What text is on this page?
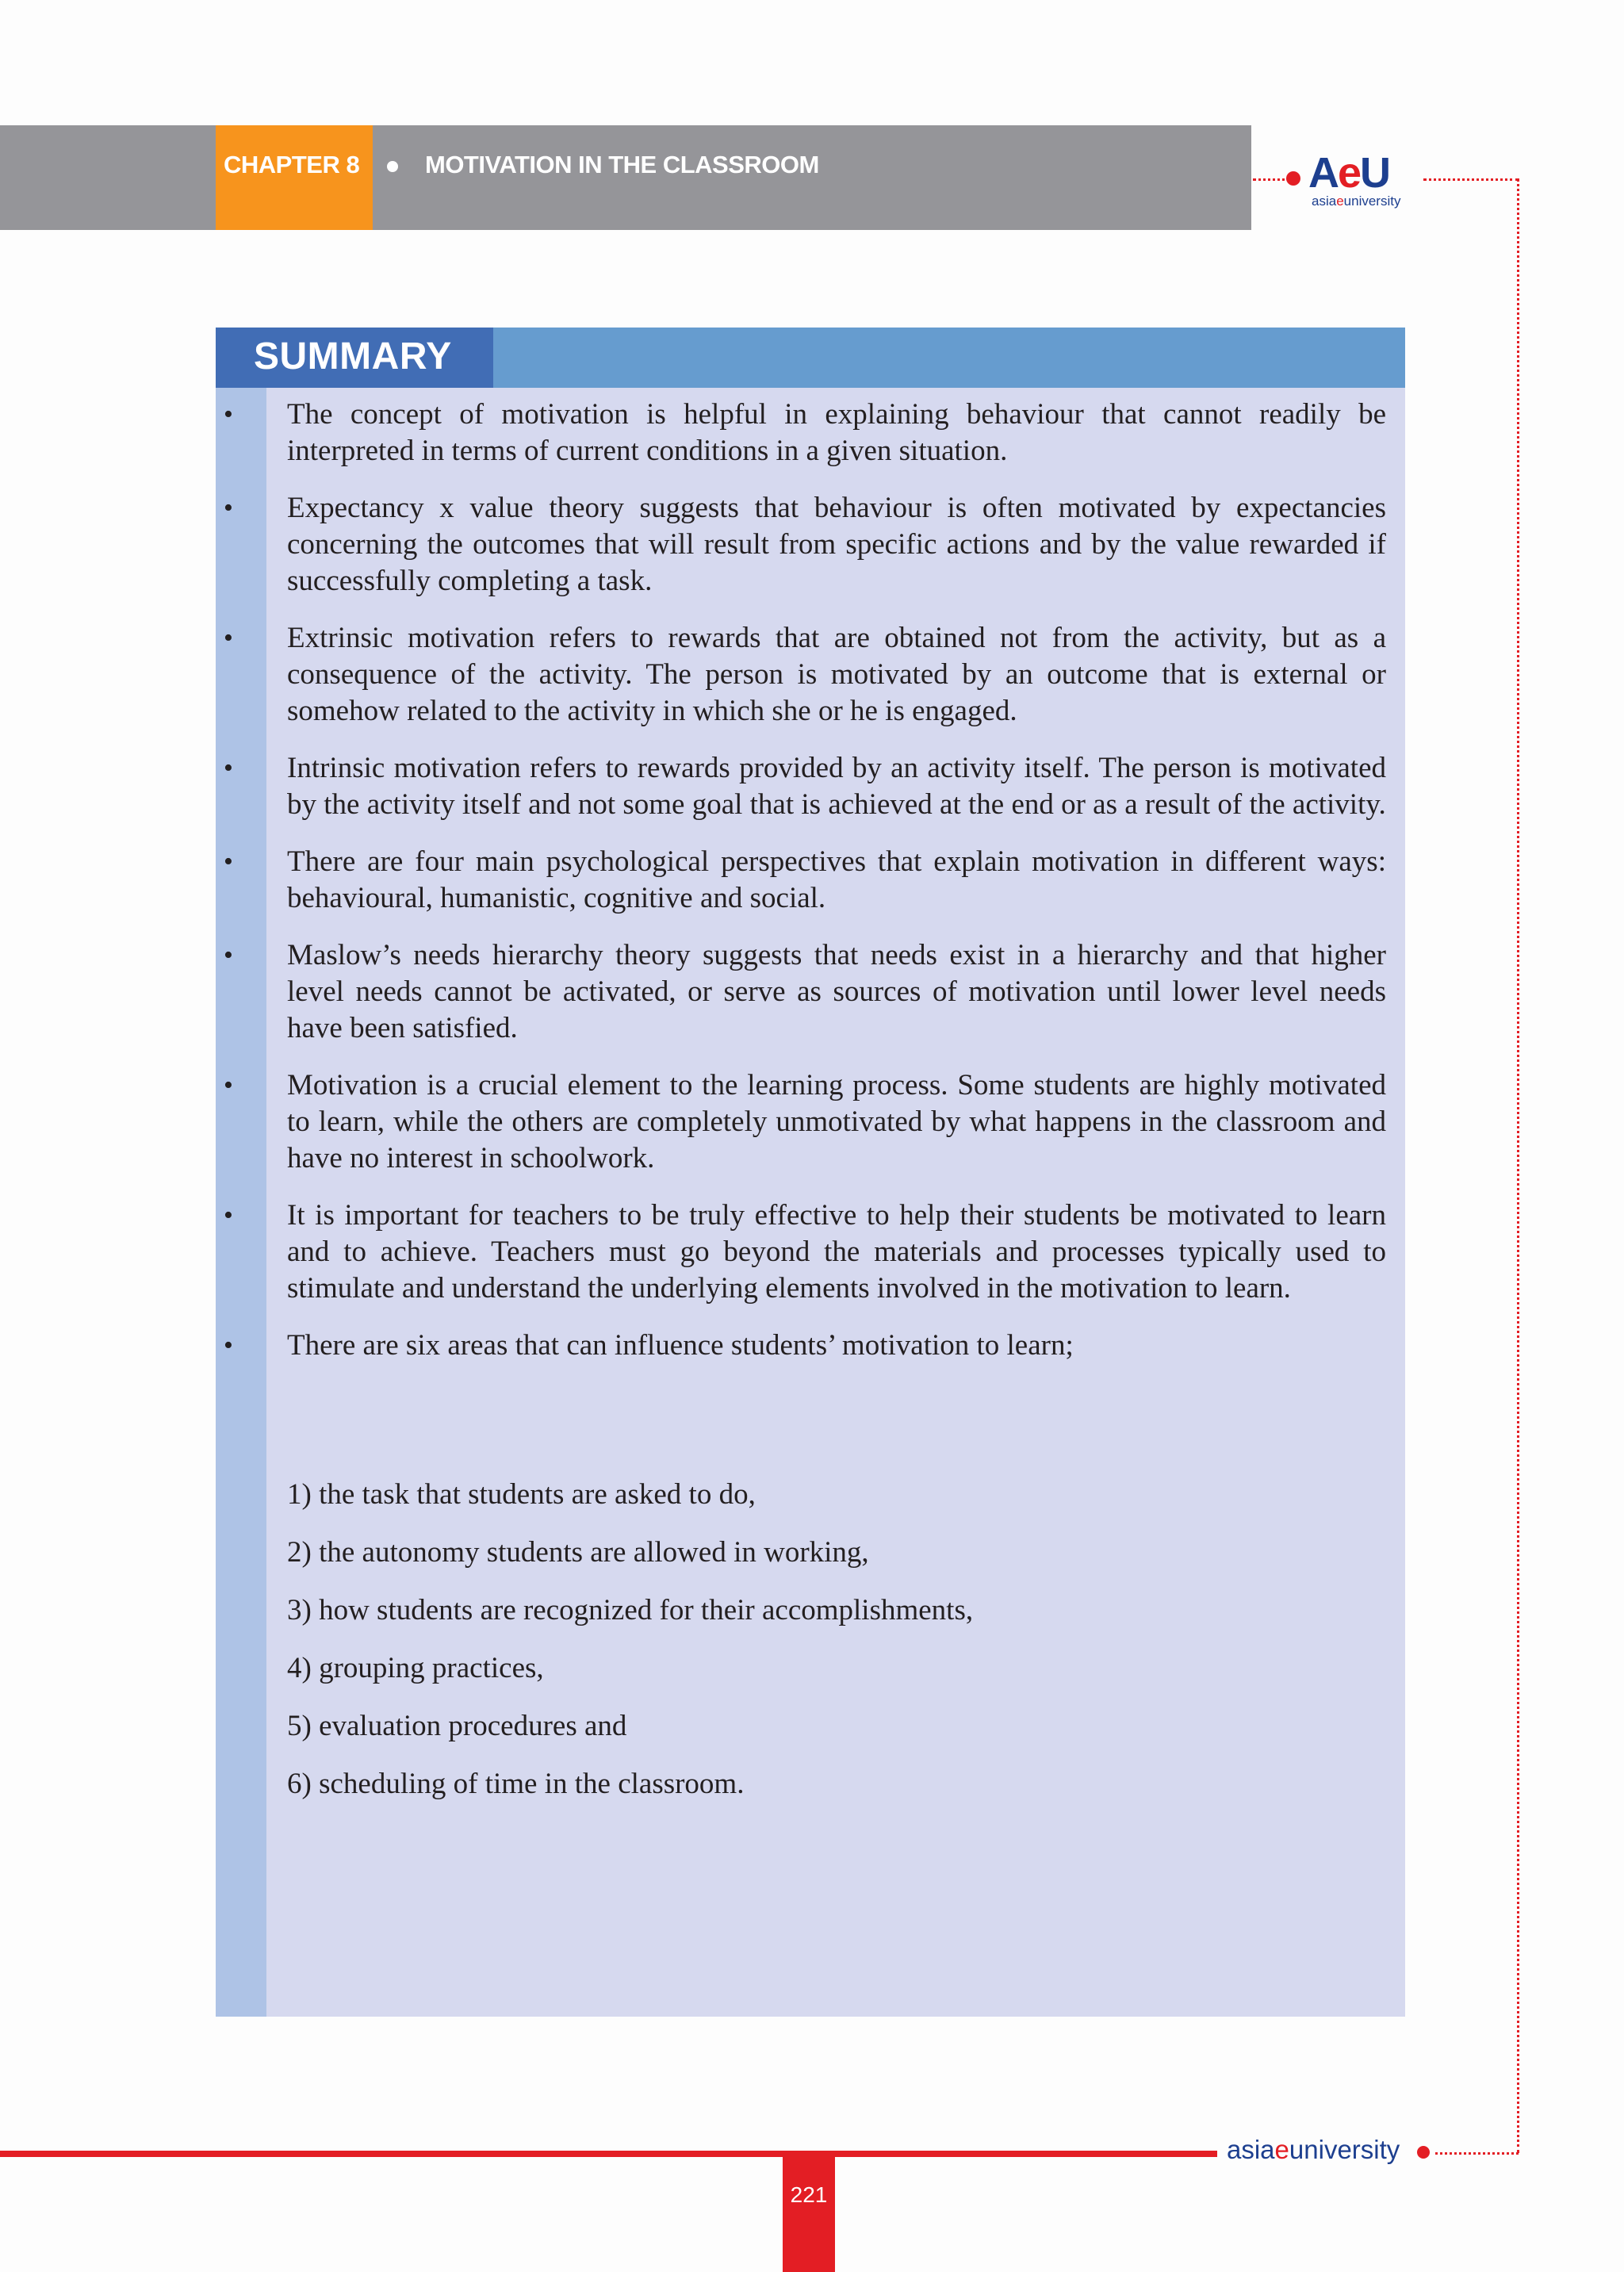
CHAPTER 8	MOTIVATION IN THE CLASSROOM	AeU
asiaeuniversity
SUMMARY
•	The concept of motivation is helpful in explaining behaviour that cannot readily be interpreted in terms of current conditions in a given situation.
•	Expectancy x value theory suggests that behaviour is often motivated by expectancies concerning the outcomes that will result from specific actions and by the value rewarded if successfully completing a task.
•	Extrinsic motivation refers to rewards that are obtained not from the activity, but as a consequence of the activity. The person is motivated by an outcome that is external or somehow related to the activity in which she or he is engaged.
•	Intrinsic motivation refers to rewards provided by an activity itself. The person is motivated by the activity itself and not some goal that is achieved at the end or as a result of the activity.
•	There are four main psychological perspectives that explain motivation in different ways: behavioural, humanistic, cognitive and social.
•	Maslow’s needs hierarchy theory suggests that needs exist in a hierarchy and that higher level needs cannot be activated, or serve as sources of motivation until lower level needs have been satisfied.
•	Motivation is a crucial element to the learning process. Some students are highly motivated to learn, while the others are completely unmotivated by what happens in the classroom and have no interest in schoolwork.
•	It is important for teachers to be truly effective to help their students be motivated to learn and to achieve. Teachers must go beyond the materials and processes typically used to stimulate and understand the underlying elements involved in the motivation to learn.
•	There are six areas that can influence students’ motivation to learn;
1) the task that students are asked to do,
2) the autonomy students are allowed in working,
3) how students are recognized for their accomplishments,
4) grouping practices,
5) evaluation procedures and
6) scheduling of time in the classroom.
asiaeuniversity
221
